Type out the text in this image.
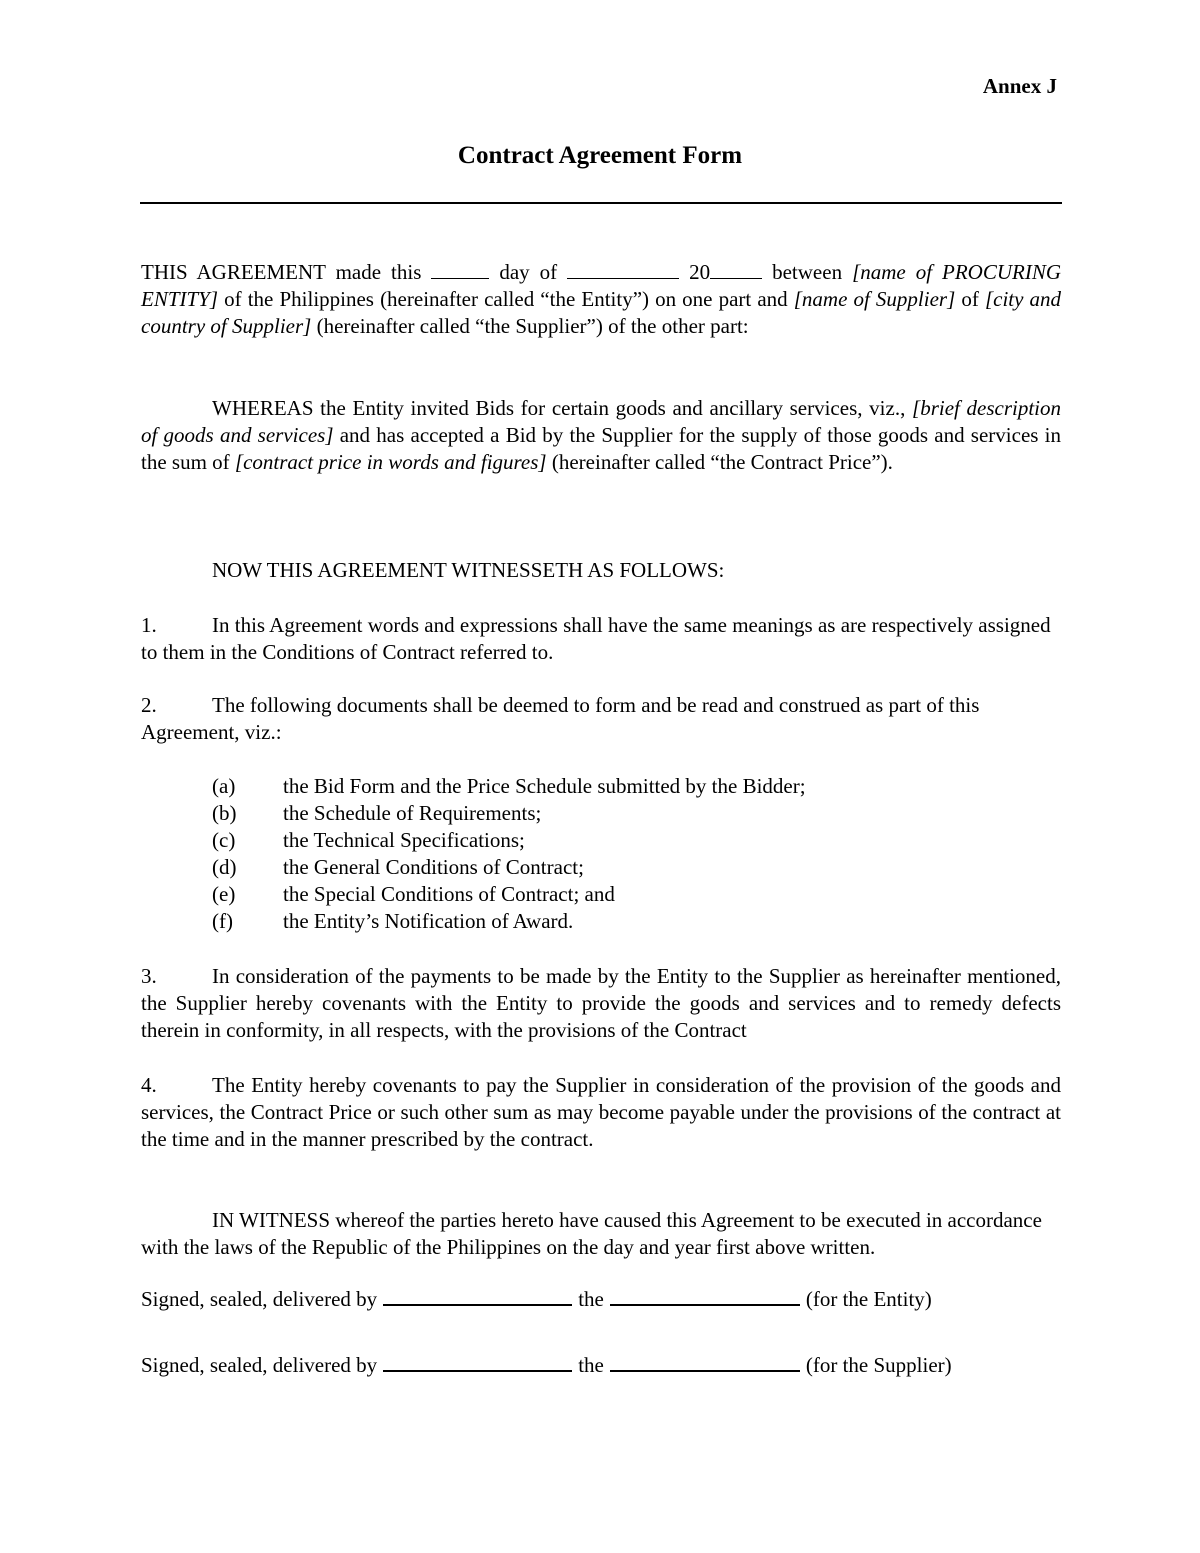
Annex J
Contract Agreement Form
THIS AGREEMENT made this	day of	20	between [name of PROCURING ENTITY] of the Philippines (hereinafter called “the Entity”) on one part and [name of Supplier] of [city and country of Supplier] (hereinafter called “the Supplier”) of the other part:
WHEREAS the Entity invited Bids for certain goods and ancillary services, viz., [brief description of goods and services] and has accepted a Bid by the Supplier for the supply of those goods and services in the sum of [contract price in words and figures] (hereinafter called “the Contract Price”).
NOW THIS AGREEMENT WITNESSETH AS FOLLOWS:
1.	In this Agreement words and expressions shall have the same meanings as are respectively assigned to them in the Conditions of Contract referred to.
2.	The following documents shall be deemed to form and be read and construed as part of this Agreement, viz.:
(a)	the Bid Form and the Price Schedule submitted by the Bidder;
(b)	the Schedule of Requirements;
(c)	the Technical Specifications;
(d)	the General Conditions of Contract;
(e)	the Special Conditions of Contract; and
(f)	the Entity’s Notification of Award.
3.	In consideration of the payments to be made by the Entity to the Supplier as hereinafter mentioned, the Supplier hereby covenants with the Entity to provide the goods and services and to remedy defects therein in conformity, in all respects, with the provisions of the Contract
4.	The Entity hereby covenants to pay the Supplier in consideration of the provision of the goods and services, the Contract Price or such other sum as may become payable under the provisions of the contract at the time and in the manner prescribed by the contract.
IN WITNESS whereof the parties hereto have caused this Agreement to be executed in accordance with the laws of the Republic of the Philippines on the day and year first above written.
Signed, sealed, delivered by	the	(for the Entity)
Signed, sealed, delivered by	the	(for the Supplier)
